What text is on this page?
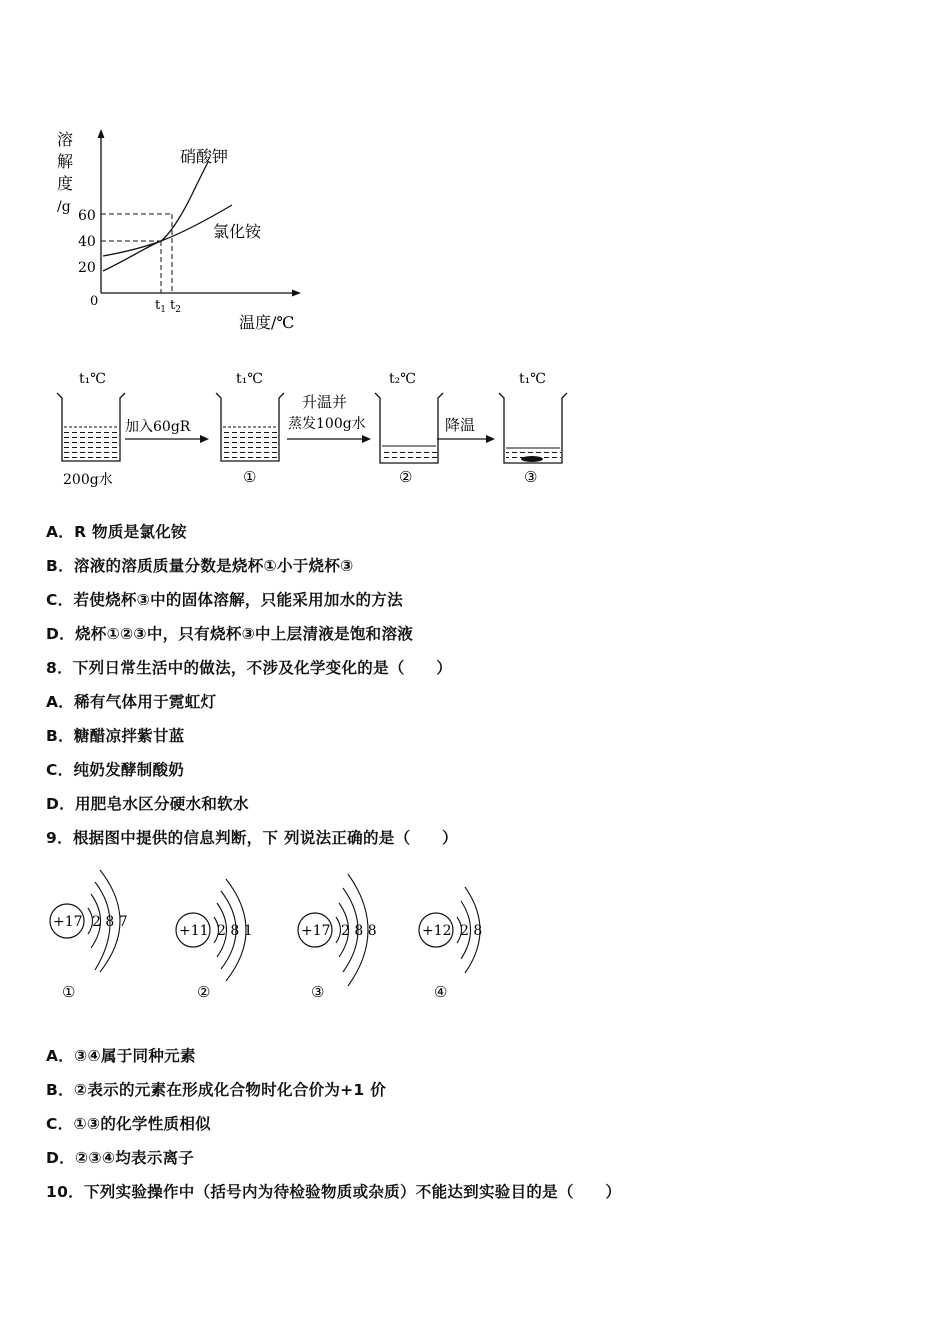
溶
解
度
/g
0
60
40
20
硝酸钾
氯化铵
$t_1$ $t_2$
温度/℃
t₁℃
200g水
加入60gR
t₁℃
①
升温并
蒸发100g水
t₂℃
②
降温
t₁℃
③
A．R 物质是氯化铵
B．溶液的溶质质量分数是烧杯①小于烧杯③
C．若使烧杯③中的固体溶解，只能采用加水的方法
D．烧杯①②③中，只有烧杯③中上层清液是饱和溶液
8．下列日常生活中的做法，不涉及化学变化的是（　　）
A．稀有气体用于霓虹灯
B．糖醋凉拌紫甘蓝
C．纯奶发酵制酸奶
D．用肥皂水区分硬水和软水
9．根据图中提供的信息判断，下 列说法正确的是（　　）
+17 2 8 7
①
+11 2 8 1
②
+17 2 8 8
③
+12 2 8
④
A．③④属于同种元素
B．②表示的元素在形成化合物时化合价为+1 价
C．①③的化学性质相似
D．②③④均表示离子
10．下列实验操作中（括号内为待检验物质或杂质）不能达到实验目的是（　　）
